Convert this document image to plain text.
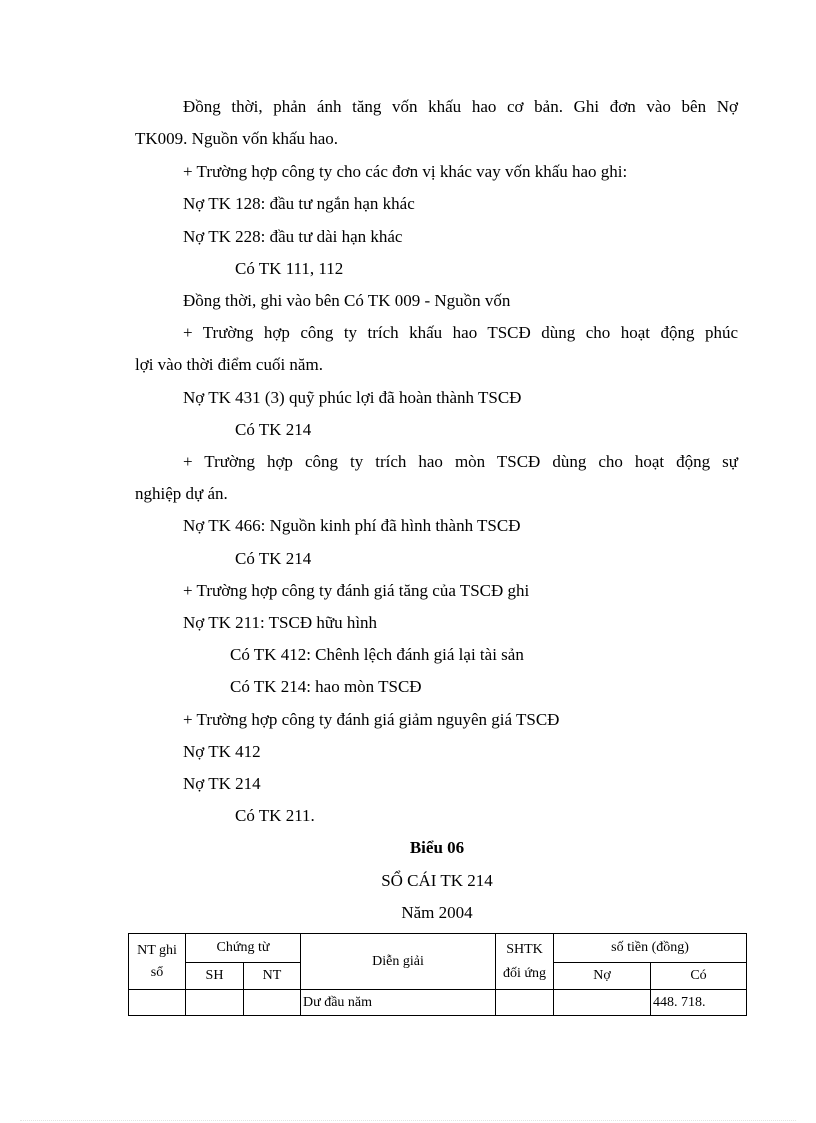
Đồng thời, phản ánh tăng vốn khấu hao cơ bản. Ghi đơn vào bên Nợ
TK009. Nguồn vốn khấu hao.
+ Trường hợp công ty cho các đơn vị khác vay vốn khấu hao ghi:
Nợ TK 128: đầu tư ngắn hạn khác
Nợ TK 228: đầu tư dài hạn khác
Có TK 111, 112
Đồng thời, ghi vào bên Có TK 009 - Nguồn vốn
+ Trường hợp công ty trích khấu hao TSCĐ dùng cho hoạt động phúc
lợi vào thời điểm cuối năm.
Nợ TK 431 (3) quỹ phúc lợi đã hoàn thành TSCĐ
Có TK 214
+ Trường hợp công ty trích hao mòn TSCĐ dùng cho hoạt động sự
nghiệp dự án.
Nợ TK 466: Nguồn kinh phí đã hình thành TSCĐ
Có TK 214
+ Trường hợp công ty đánh giá tăng của TSCĐ ghi
Nợ TK 211: TSCĐ hữu hình
Có TK 412: Chênh lệch đánh giá lại tài sản
Có TK 214: hao mòn TSCĐ
+ Trường hợp công ty đánh giá giảm nguyên giá TSCĐ
Nợ TK 412
Nợ TK 214
Có TK 211.
Biểu 06
SỔ CÁI TK 214
Năm 2004
NT ghi sổ	Chứng từ		Diễn giải	SHTK đối ứng	số tiền (đồng)	
	SH	NT			Nợ	Có
			Dư đầu năm			448. 718.
